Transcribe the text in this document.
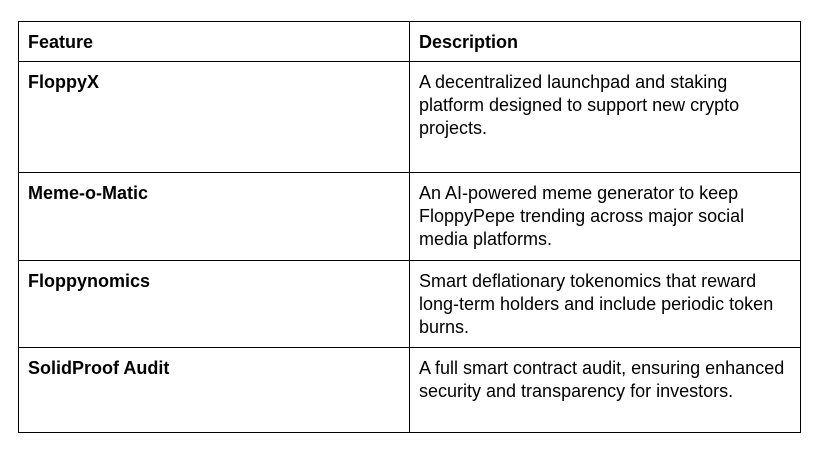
Feature	Description
FloppyX	A decentralized launchpad and staking platform designed to support new crypto projects.
Meme-o-Matic	An AI-powered meme generator to keep FloppyPepe trending across major social media platforms.
Floppynomics	Smart deflationary tokenomics that reward long-term holders and include periodic token burns.
SolidProof Audit	A full smart contract audit, ensuring enhanced security and transparency for investors.
